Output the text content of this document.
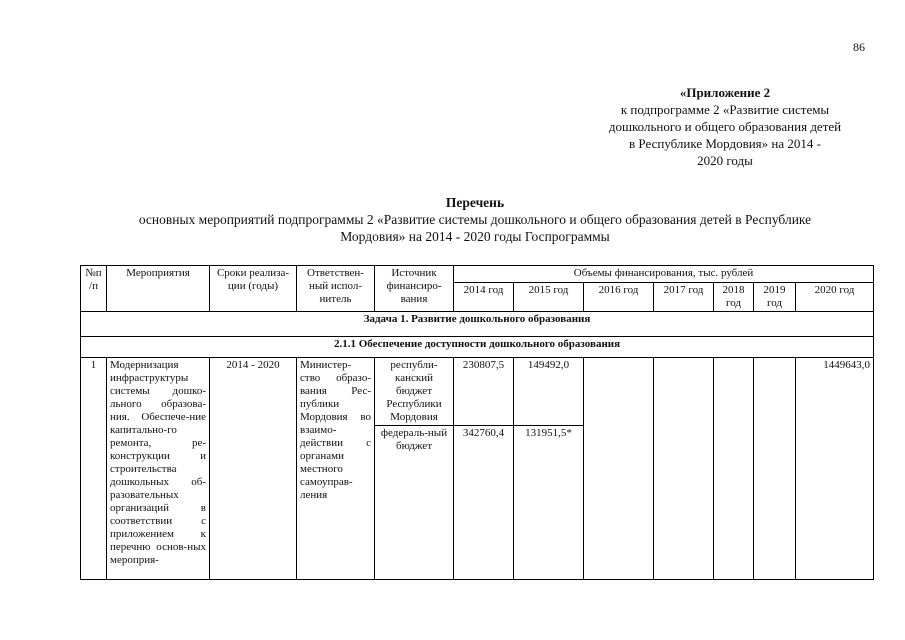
86
«Приложение 2
к подпрограмме 2 «Развитие системы
дошкольного и общего образования детей
в Республике Мордовия» на 2014 -
2020 годы
Перечень
основных мероприятий подпрограммы 2 «Развитие системы дошкольного и общего образования детей в Республике
Мордовия» на 2014 - 2020 годы Госпрограммы
№п /п	Мероприятия	Сроки реализа-ции (годы)	Ответствен-ный испол-нитель	Источник финансиро-вания	Объемы финансирования, тыс. рублей						
					2014 год	2015 год	2016 год	2017 год	2018 год	2019 год	2020 год
Задача 1. Развитие дошкольного образования											
2.1.1 Обеспечение доступности дошкольного образования											
1	Модернизация инфраструктуры системы дошко-льного образова-ния. Обеспече-ние капитально-го ремонта, ре-конструкции и строительства дошкольных об-разовательных организаций в соответствии с приложением к перечню основ-ных мероприя-	2014 - 2020	Министер-ство образо-вания Рес-публики Мордовия во взаимо-действии с органами местного самоуправ-ления	республи-канский бюджет Республики Мордовия	230807,5	149492,0					1449643,0
				федераль-ный бюджет	342760,4	131951,5*					
